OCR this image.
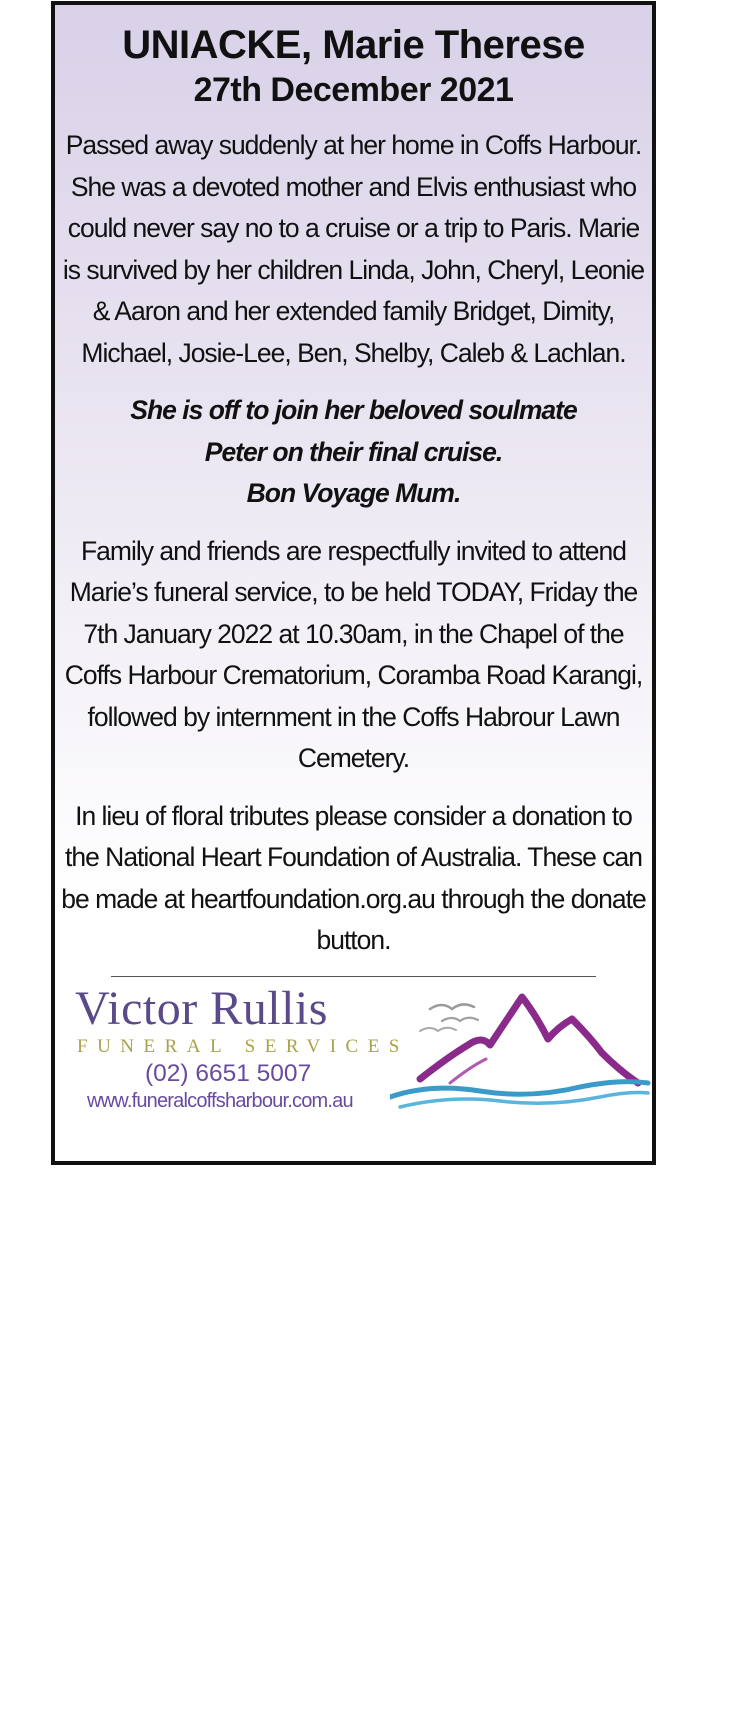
UNIACKE, Marie Therese
27th December 2021

Passed away suddenly at her home in Coffs Harbour. She was a devoted mother and Elvis enthusiast who could never say no to a cruise or a trip to Paris. Marie is survived by her children Linda, John, Cheryl, Leonie & Aaron and her extended family Bridget, Dimity, Michael, Josie-Lee, Ben, Shelby, Caleb & Lachlan.

She is off to join her beloved soulmate
Peter on their final cruise.
Bon Voyage Mum.

Family and friends are respectfully invited to attend Marie’s funeral service, to be held TODAY, Friday the 7th January 2022 at 10.30am, in the Chapel of the Coffs Harbour Crematorium, Coramba Road Karangi, followed by internment in the Coffs Habrour Lawn Cemetery.

In lieu of floral tributes please consider a donation to the National Heart Foundation of Australia. These can be made at heartfoundation.org.au through the donate button.

Victor Rullis
FUNERAL SERVICES
(02) 6651 5007
www.funeralcoffsharbour.com.au
